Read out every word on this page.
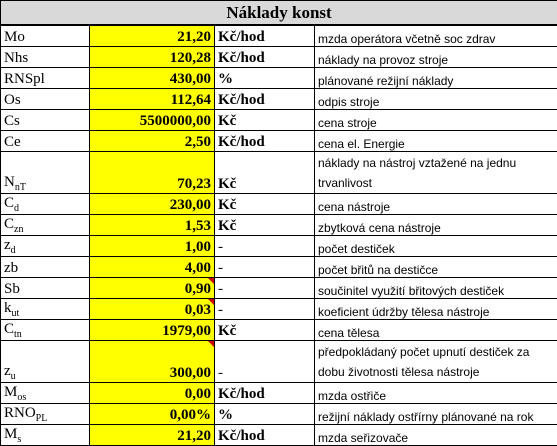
Náklady konst			
Mo	21,20	Kč/hod	mzda operátora včetně soc zdrav
Nhs	120,28	Kč/hod	náklady na provoz stroje
RNSpl	430,00	%	plánované režijní náklady
Os	112,64	Kč/hod	odpis stroje
Cs	5500000,00	Kč	cena stroje
Ce	2,50	Kč/hod	cena el. Energie
$N_{nT}$	70,23	Kč	náklady na nástroj vztažené na jednu trvanlivost
$C_d$	230,00	Kč	cena nástroje
$C_{zn}$	1,53	Kč	zbytková cena nástroje
$z_d$	1,00	-	počet destiček
zb	4,00	-	počet břitů na destičce
Sb	0,90	-	součinitel využití břitových destiček
$k_{ut}$	0,03	-	koeficient údržby tělesa nástroje
$C_{tn}$	1979,00	Kč	cena tělesa
$z_u$	300,00	-	předpokládaný počet upnutí destiček za dobu životnosti tělesa nástroje
$M_{os}$	0,00	Kč/hod	mzda ostřiče
$RNO_{PL}$	0,00%	%	režijní náklady ostřírny plánované na rok
$M_s$	21,20	Kč/hod	mzda seřizovače
